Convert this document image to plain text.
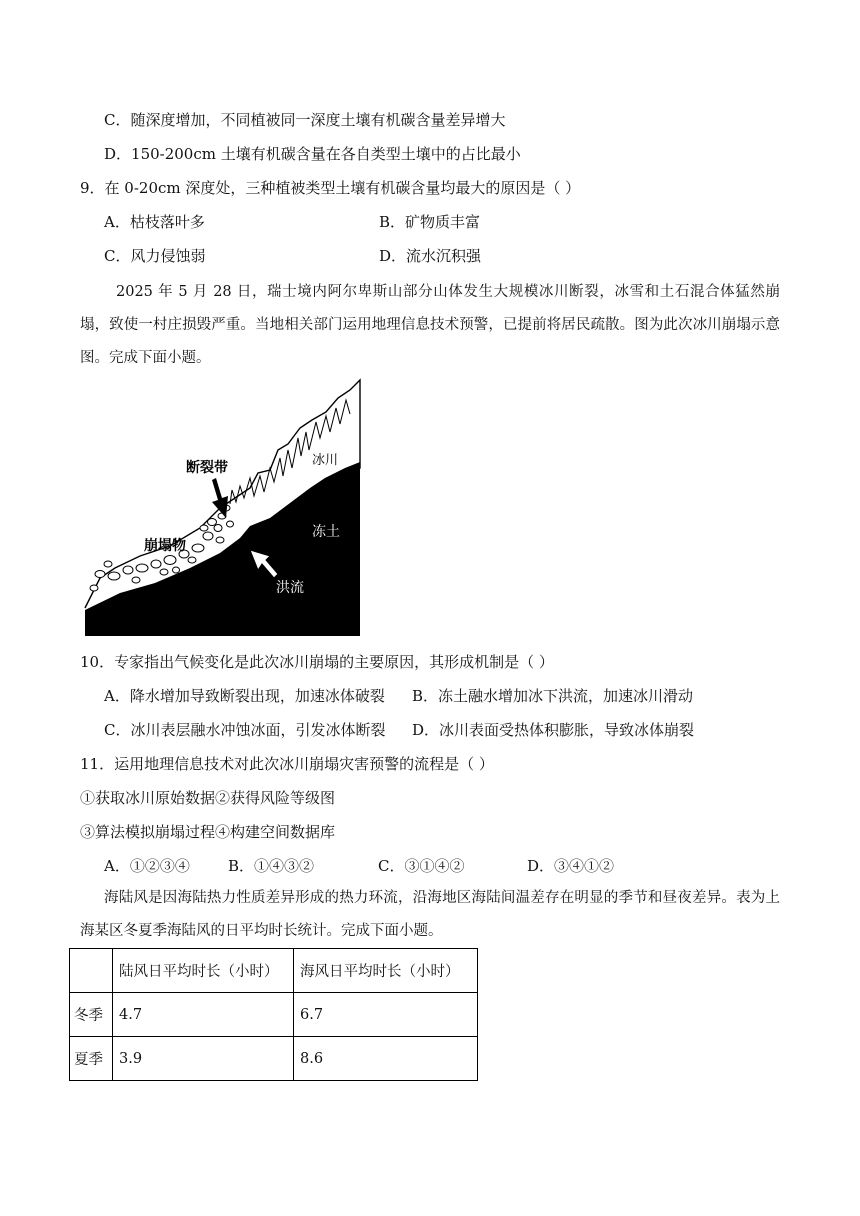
C．随深度增加，不同植被同一深度土壤有机碳含量差异增大
D．150-200cm 土壤有机碳含量在各自类型土壤中的占比最小
9．在 0-20cm 深度处，三种植被类型土壤有机碳含量均最大的原因是（ ）
A．枯枝落叶多	B．矿物质丰富
C．风力侵蚀弱	D．流水沉积强
2025 年 5 月 28 日，瑞士境内阿尔卑斯山部分山体发生大规模冰川断裂，冰雪和土石混合体猛然崩塌，致使一村庄损毁严重。当地相关部门运用地理信息技术预警，已提前将居民疏散。图为此次冰川崩塌示意图。完成下面小题。
冰川
断裂带
崩塌物
冻土
洪流
10．专家指出气候变化是此次冰川崩塌的主要原因，其形成机制是（ ）
A．降水增加导致断裂出现，加速冰体破裂 B．冻土融水增加冰下洪流，加速冰川滑动
C．冰川表层融水冲蚀冰面，引发冰体断裂 D．冰川表面受热体积膨胀，导致冰体崩裂
11．运用地理信息技术对此次冰川崩塌灾害预警的流程是（ ）
①获取冰川原始数据②获得风险等级图
③算法模拟崩塌过程④构建空间数据库
A．①②③④	B．①④③②	C．③①④②	D．③④①②
海陆风是因海陆热力性质差异形成的热力环流，沿海地区海陆间温差存在明显的季节和昼夜差异。表为上海某区冬夏季海陆风的日平均时长统计。完成下面小题。
	陆风日平均时长（小时）	海风日平均时长（小时）
冬季	4.7	6.7
夏季	3.9	8.6
